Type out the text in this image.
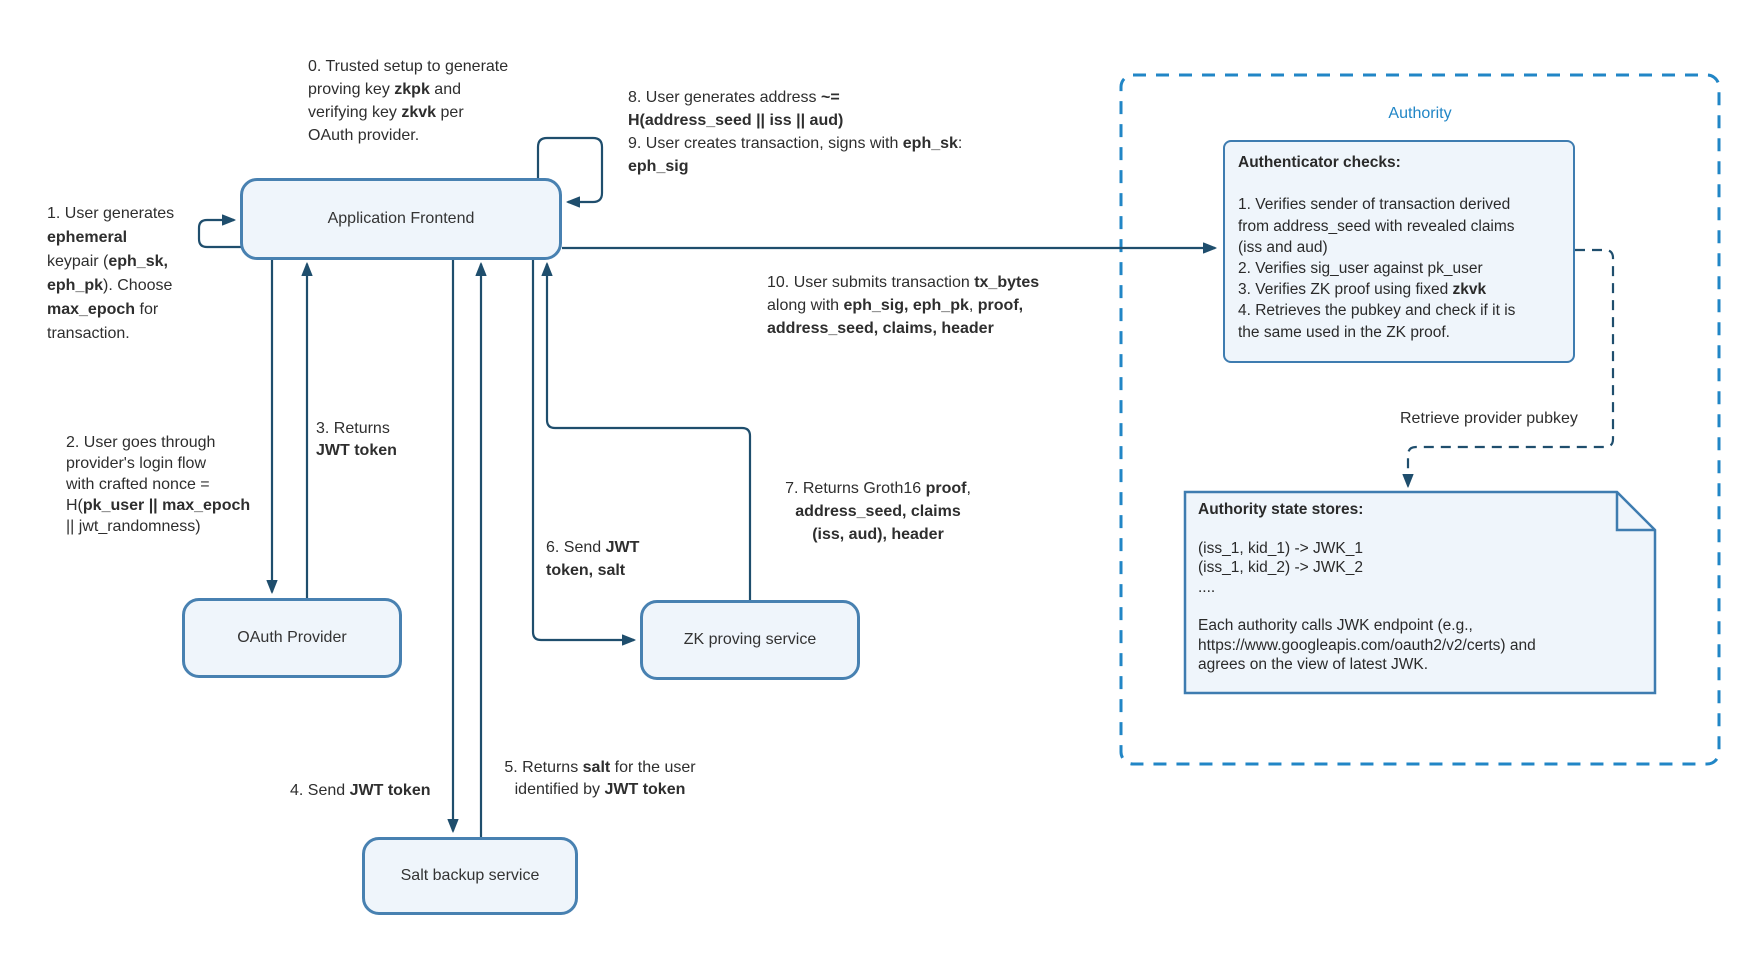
Application Frontend
OAuth Provider	ZK proving service
Salt backup service
Authority
Authenticator checks:

1. Verifies sender of transaction derived
from address_seed with revealed claims
(iss and aud)
2. Verifies sig_user against pk_user
3. Verifies ZK proof using fixed zkvk
4. Retrieves the pubkey and check if it is
the same used in the ZK proof.
Authority state stores:

(iss_1, kid_1) -> JWK_1
(iss_1, kid_2) -> JWK_2
....

Each authority calls JWK endpoint (e.g.,
https://www.googleapis.com/oauth2/v2/certs) and
agrees on the view of latest JWK.
0. Trusted setup to generate
proving key zkpk and
verifying key zkvk per
OAuth provider.
1. User generates
ephemeral
keypair (eph_sk,
eph_pk). Choose
max_epoch for
transaction.
2. User goes through
provider's login flow
with crafted nonce =
H(pk_user || max_epoch
|| jwt_randomness)
3. Returns
JWT token
4. Send JWT token
5. Returns salt for the user
identified by JWT token
6. Send JWT
token, salt
7. Returns Groth16 proof,
address_seed, claims
(iss, aud), header
8. User generates address ~=
H(address_seed || iss || aud)
9. User creates transaction, signs with eph_sk:
eph_sig
10. User submits transaction tx_bytes
along with eph_sig, eph_pk, proof,
address_seed, claims, header
Retrieve provider pubkey
